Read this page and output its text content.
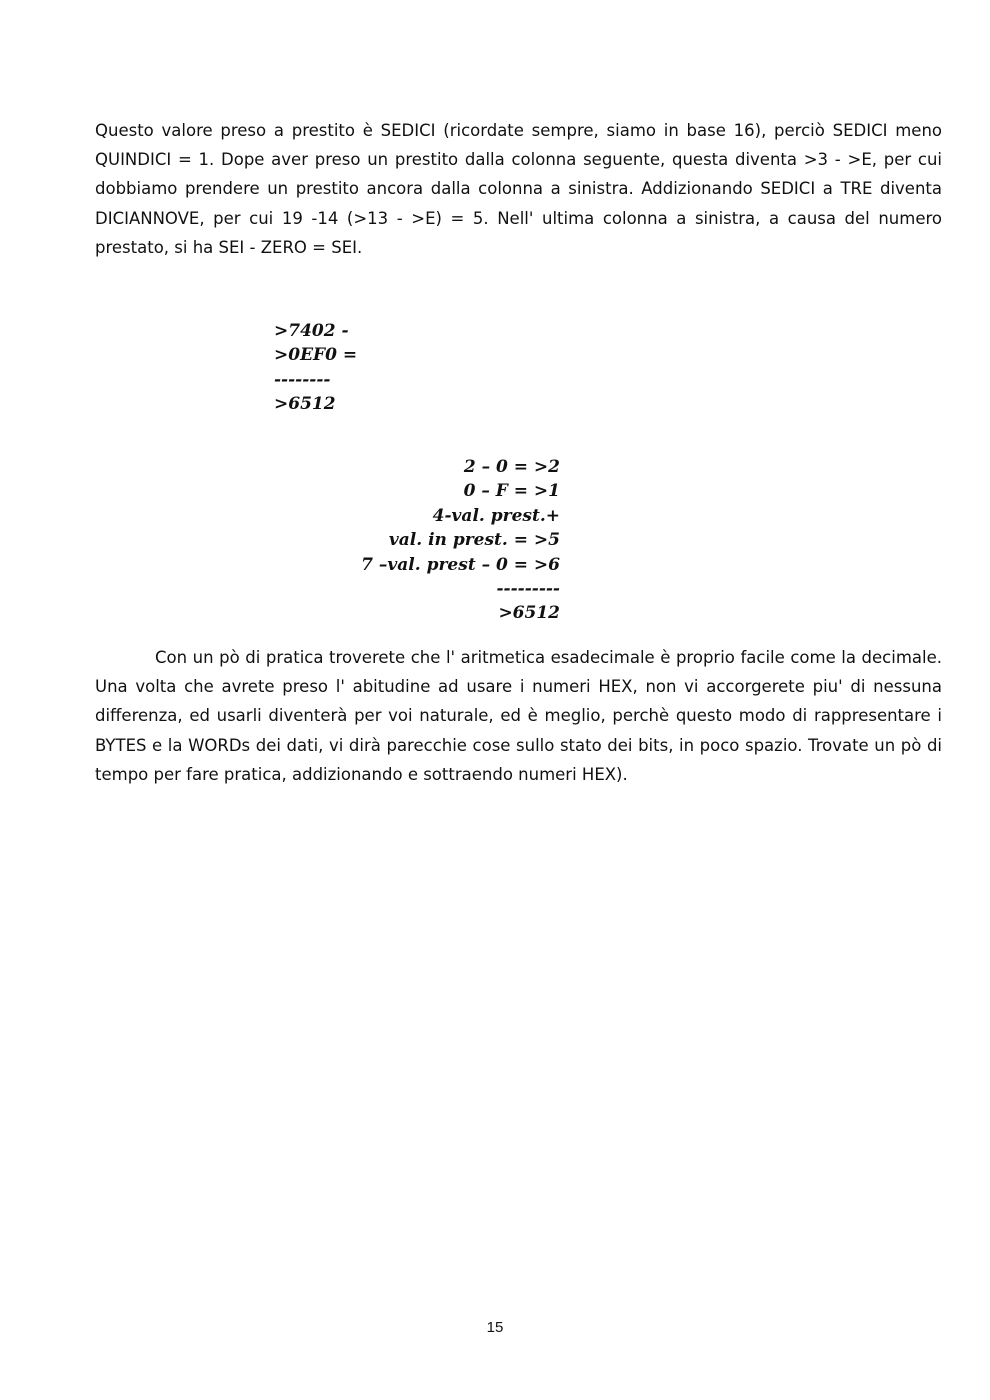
Questo valore preso a prestito è SEDICI (ricordate sempre, siamo in base 16), perciò SEDICI meno QUINDICI = 1. Dope aver preso un prestito dalla colonna seguente, questa diventa >3 - >E, per cui dobbiamo prendere un prestito ancora dalla colonna a sinistra. Addizionando SEDICI a TRE diventa DICIANNOVE, per cui 19 -14 (>13 - >E) = 5. Nell' ultima colonna a sinistra, a causa del numero prestato, si ha SEI - ZERO = SEI.

>7402 -
>0EF0 =
--------
>6512
2 – 0 = >2
0 – F = >1
4-val. prest.+
val. in prest. = >5
7 –val. prest – 0 = >6
---------
>6512

Con un pò di pratica troverete che l' aritmetica esadecimale è proprio facile come la decimale. Una volta che avrete preso l' abitudine ad usare i numeri HEX, non vi accorgerete piu' di nessuna differenza, ed usarli diventerà per voi naturale, ed è meglio, perchè questo modo di rappresentare i BYTES e la WORDs dei dati, vi dirà parecchie cose sullo stato dei bits, in poco spazio. Trovate un pò di tempo per fare pratica, addizionando e sottraendo numeri HEX).

15
